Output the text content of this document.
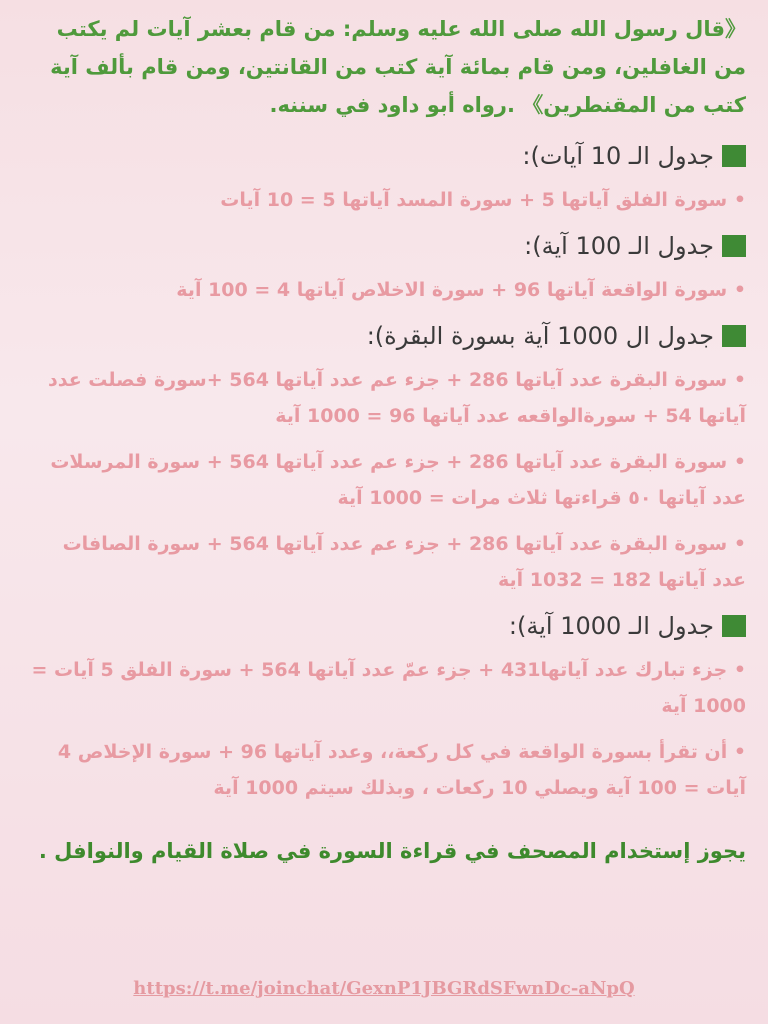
《قال رسول الله صلى الله عليه وسلم: من قام بعشر آيات لم يكتب من الغافلين، ومن قام بمائة آية كتب من القانتين، ومن قام بألف آية كتب من المقنطرين》 .رواه أبو داود في سننه.

جدول الـ 10 آيات):

• سورة الفلق آياتها 5 + سورة المسد آياتها 5 = 10 آيات

جدول الـ 100 آية):

• سورة الواقعة آياتها 96 + سورة الاخلاص آياتها 4 = 100 آية

جدول ال 1000 آية بسورة البقرة):

• سورة البقرة عدد آياتها 286 + جزء عم عدد آياتها 564 +سورة فصلت عدد آياتها 54 + سورةالواقعه عدد آياتها 96 = 1000 آية

• سورة البقرة عدد آياتها 286 + جزء عم عدد آياتها 564 + سورة المرسلات عدد آياتها ٥٠ قراءتها ثلاث مرات = 1000 آية

• سورة البقرة عدد آياتها 286 + جزء عم عدد آياتها 564 + سورة الصافات عدد آياتها 182 = 1032 آية

جدول الـ 1000 آية):

• جزء تبارك عدد آياتها431 + جزء عمّ عدد آياتها 564 + سورة الفلق 5 آيات = 1000 آية

• أن تقرأ بسورة الواقعة في كل ركعة،، وعدد آياتها 96 + سورة الإخلاص 4 آيات = 100 آية ويصلي 10 ركعات ، وبذلك سيتم 1000 آية

يجوز إستخدام المصحف في قراءة السورة في صلاة القيام والنوافل .

https://t.me/joinchat/GexnP1JBGRdSFwnDc-aNpQ
